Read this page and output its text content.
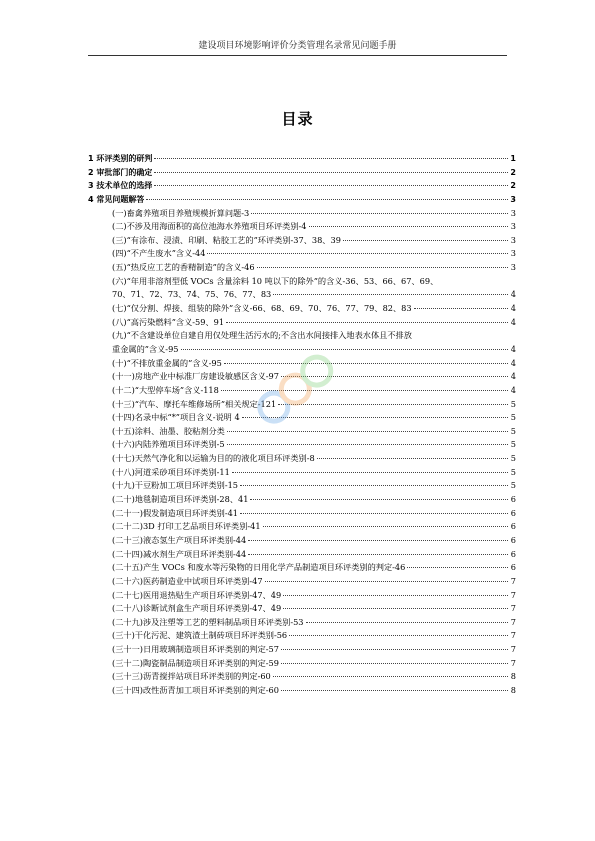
建设项目环境影响评价分类管理名录常见问题手册
目录
1 环评类别的研判	1
2 审批部门的确定	2
3 技术单位的选择	2
4 常见问题解答	3
(一)畜禽养殖项目养殖规模折算问题-3	3
(二)不涉及用海面积的高位池海水养殖项目环评类别-4	3
(三)“有涂布、浸渍、印刷、粘胶工艺的”环评类别-37、38、39	3
(四)“不产生废水”含义-44	3
(五)“热反应工艺的香精制造”的含义-46	3
(六)“年用非溶剂型低 VOCs 含量涂料 10 吨以下的除外”的含义-36、53、66、67、69、
70、71、72、73、74、75、76、77、83	4
(七)“仅分割、焊接、组装的除外”含义-66、68、69、70、76、77、79、82、83	4
(八)“高污染燃料”含义-59、91	4
(九)“不含建设单位自建自用仅处理生活污水的;不含出水间接排入地表水体且不排放
重金属的”含义-95	4
(十)“不排放重金属的”含义-95	4
(十一)房地产业中标准厂房建设敏感区含义-97	4
(十二)“大型停车场”含义-118	4
(十三)“汽车、摩托车维修场所”相关规定-121	5
(十四)名录中标“*”项目含义-说明 4	5
(十五)涂料、油墨、胶粘剂分类	5
(十六)内陆养殖项目环评类别-5	5
(十七)天然气净化和以运输为目的的液化项目环评类别-8	5
(十八)河道采砂项目环评类别-11	5
(十九)干豆粉加工项目环评类别-15	5
(二十)地毯制造项目环评类别-28、41	6
(二十一)假发制造项目环评类别-41	6
(二十二)3D 打印工艺品项目环评类别-41	6
(二十三)液态氢生产项目环评类别-44	6
(二十四)减水剂生产项目环评类别-44	6
(二十五)产生 VOCs 和废水等污染物的日用化学产品制造项目环评类别的判定-46	6
(二十六)医药制造业中试项目环评类别-47	7
(二十七)医用退热贴生产项目环评类别-47、49	7
(二十八)诊断试剂盒生产项目环评类别-47、49	7
(二十九)涉及注塑等工艺的塑料制品项目环评类别-53	7
(三十)干化污泥、建筑渣土制砖项目环评类别-56	7
(三十一)日用玻璃制造项目环评类别的判定-57	7
(三十二)陶瓷制品制造项目环评类别的判定-59	7
(三十三)沥青搅拌站项目环评类别的判定-60	8
(三十四)改性沥青加工项目环评类别的判定-60	8
